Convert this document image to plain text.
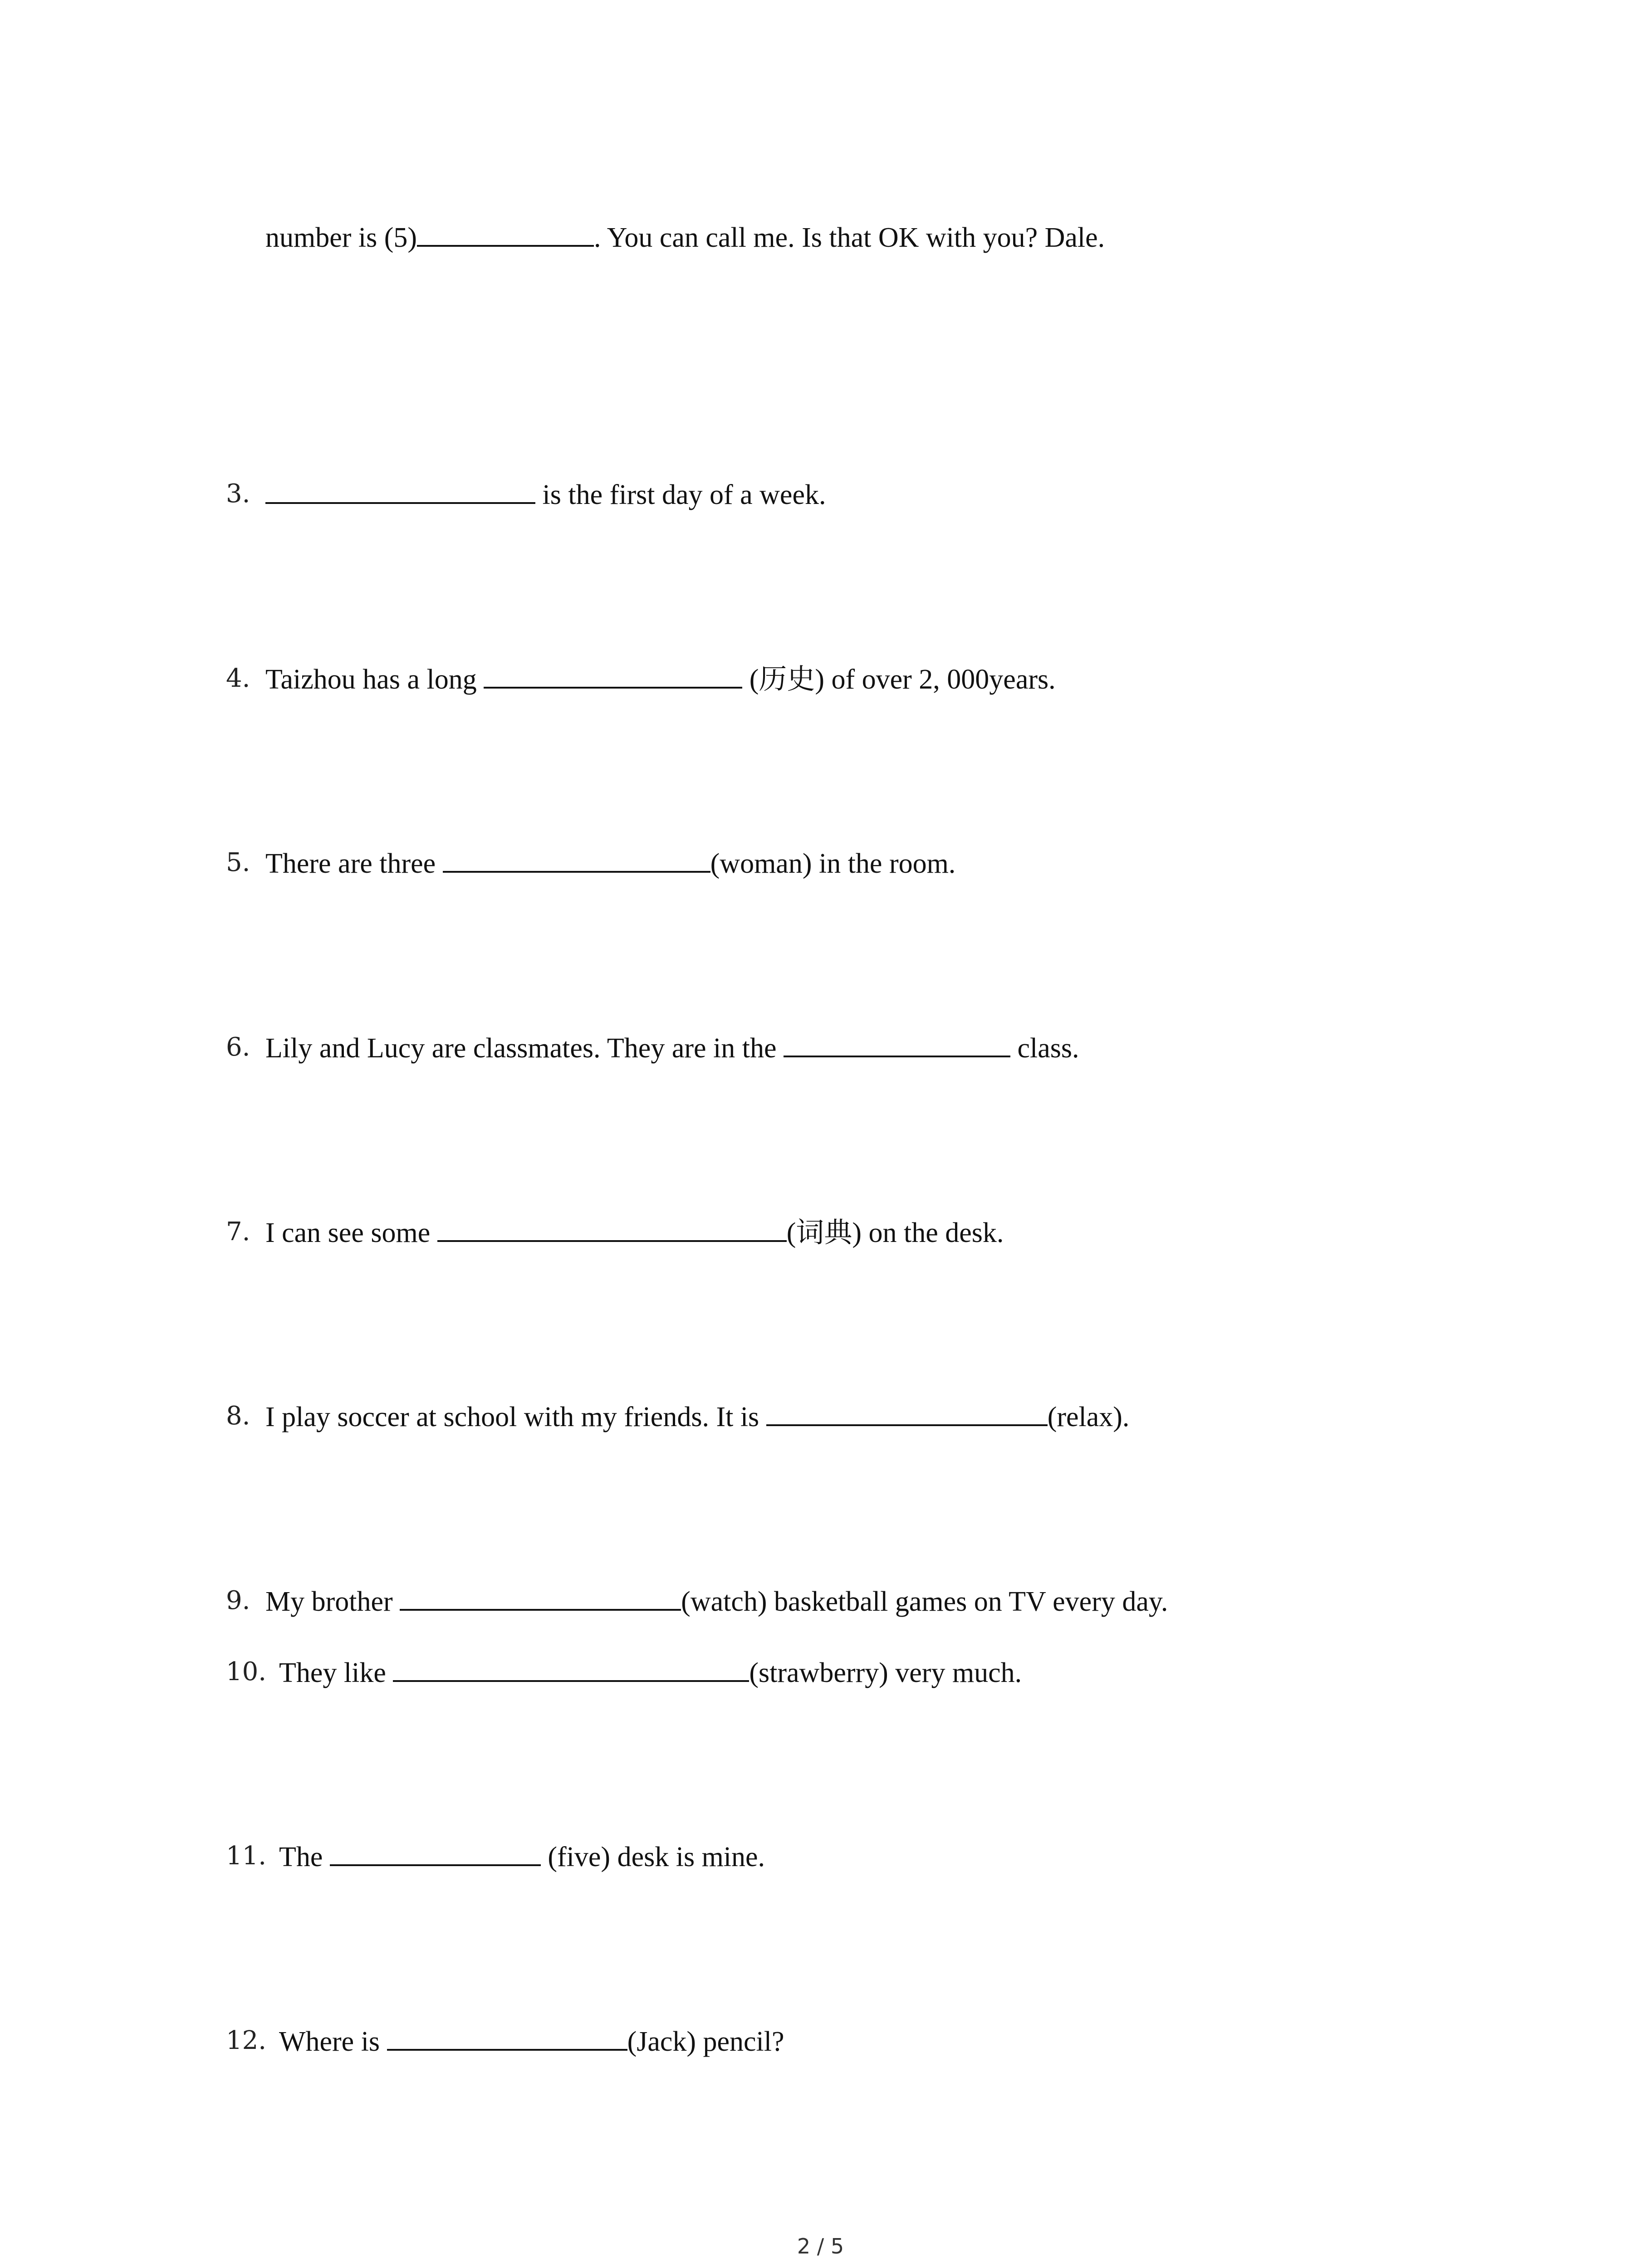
number is (5)	. You can call me. Is that OK with you? Dale.
3.	is the first day of a week.
4. Taizhou has a long	(历史) of over 2, 000years.
5. There are three	(woman) in the room.
6. Lily and Lucy are classmates. They are in the	class.
7. I can see some	(词典) on the desk.
8. I play soccer at school with my friends. It is	(relax).
9. My brother	(watch) basketball games on TV every day.
10. They like	(strawberry) very much.
11. The	(five) desk is mine.
12. Where is	(Jack) pencil?
2 / 5
